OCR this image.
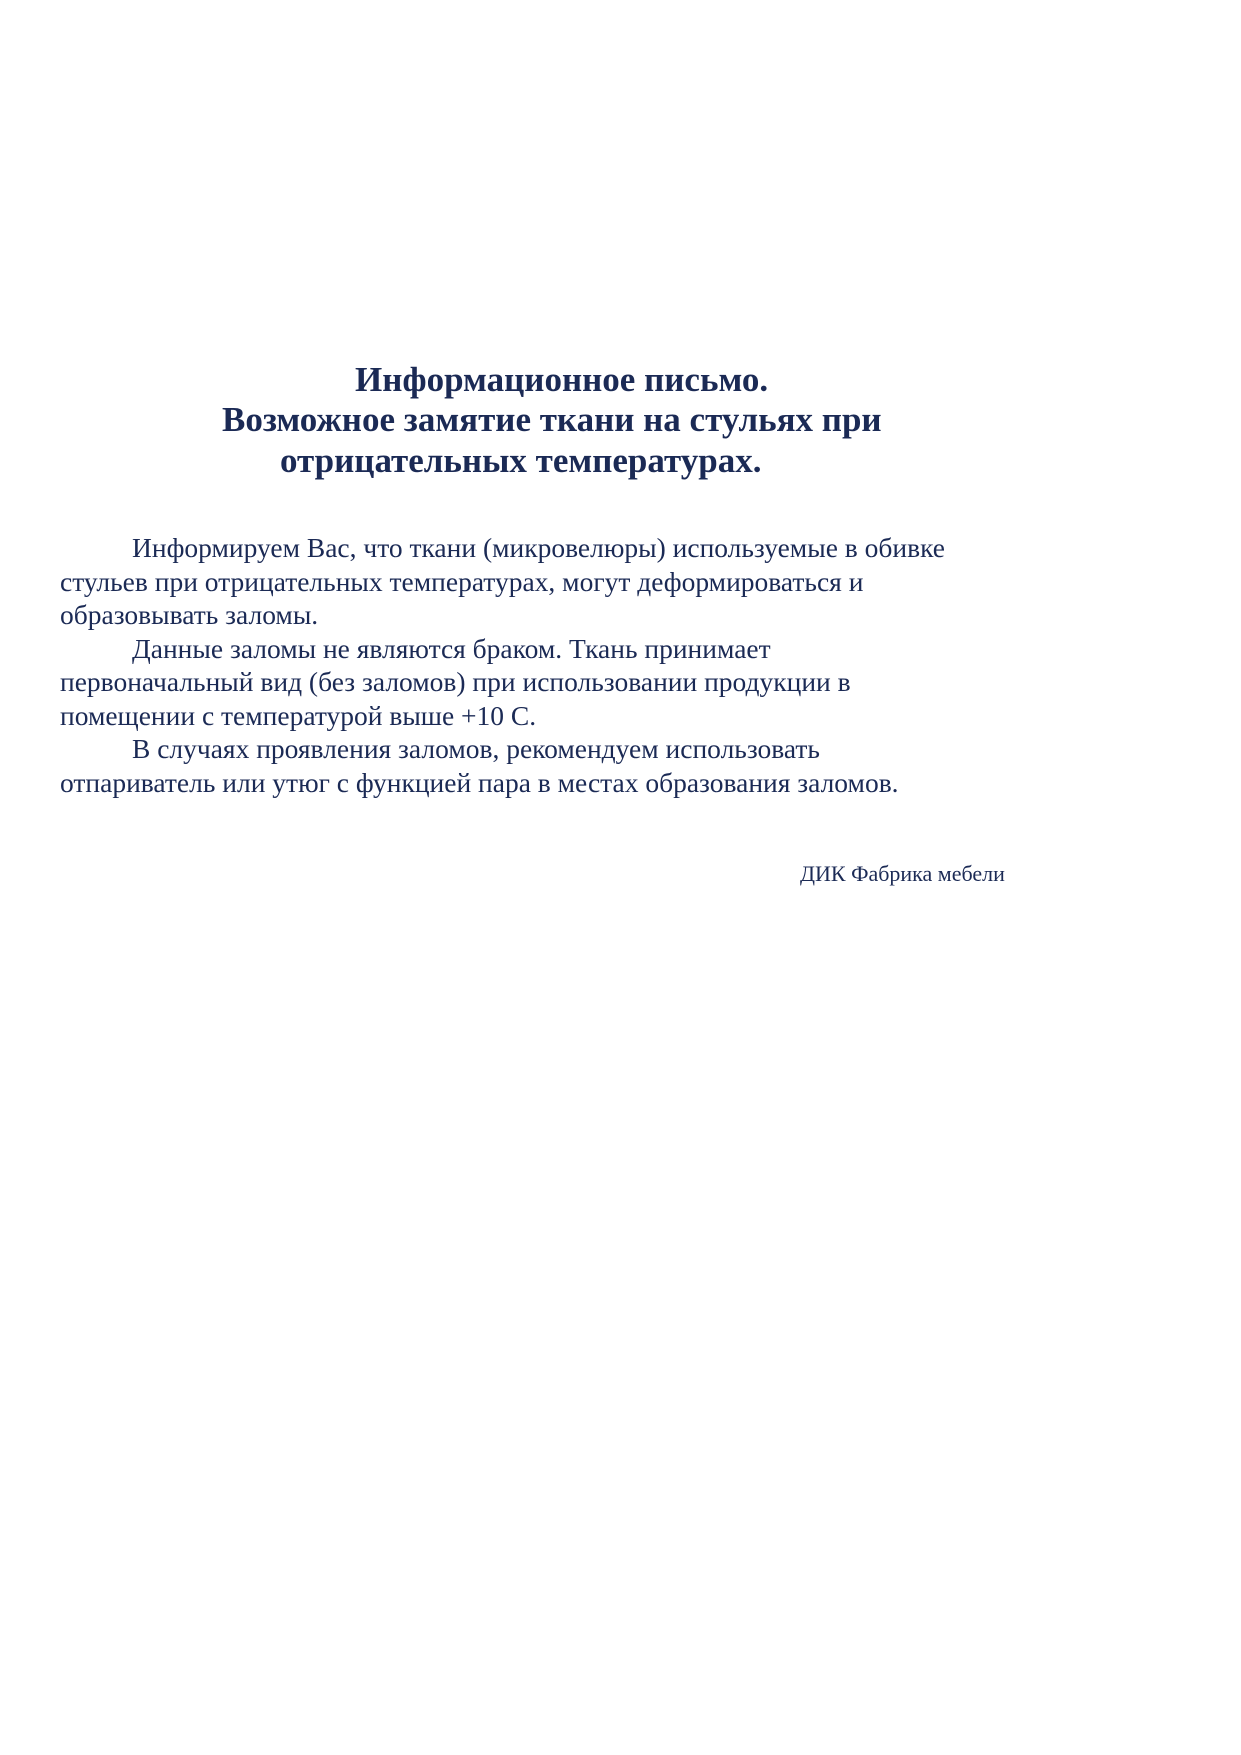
Информационное письмо.
Возможное замятие ткани на стульях при
отрицательных температурах.
Информируем Вас, что ткани (микровелюры) используемые в обивке
стульев при отрицательных температурах, могут деформироваться и
образовывать заломы.
Данные заломы не являются браком. Ткань принимает
первоначальный вид (без заломов) при использовании продукции в
помещении с температурой выше +10 С.
В случаях проявления заломов, рекомендуем использовать
отпариватель или утюг с функцией пара в местах образования заломов.
ДИК Фабрика мебели
